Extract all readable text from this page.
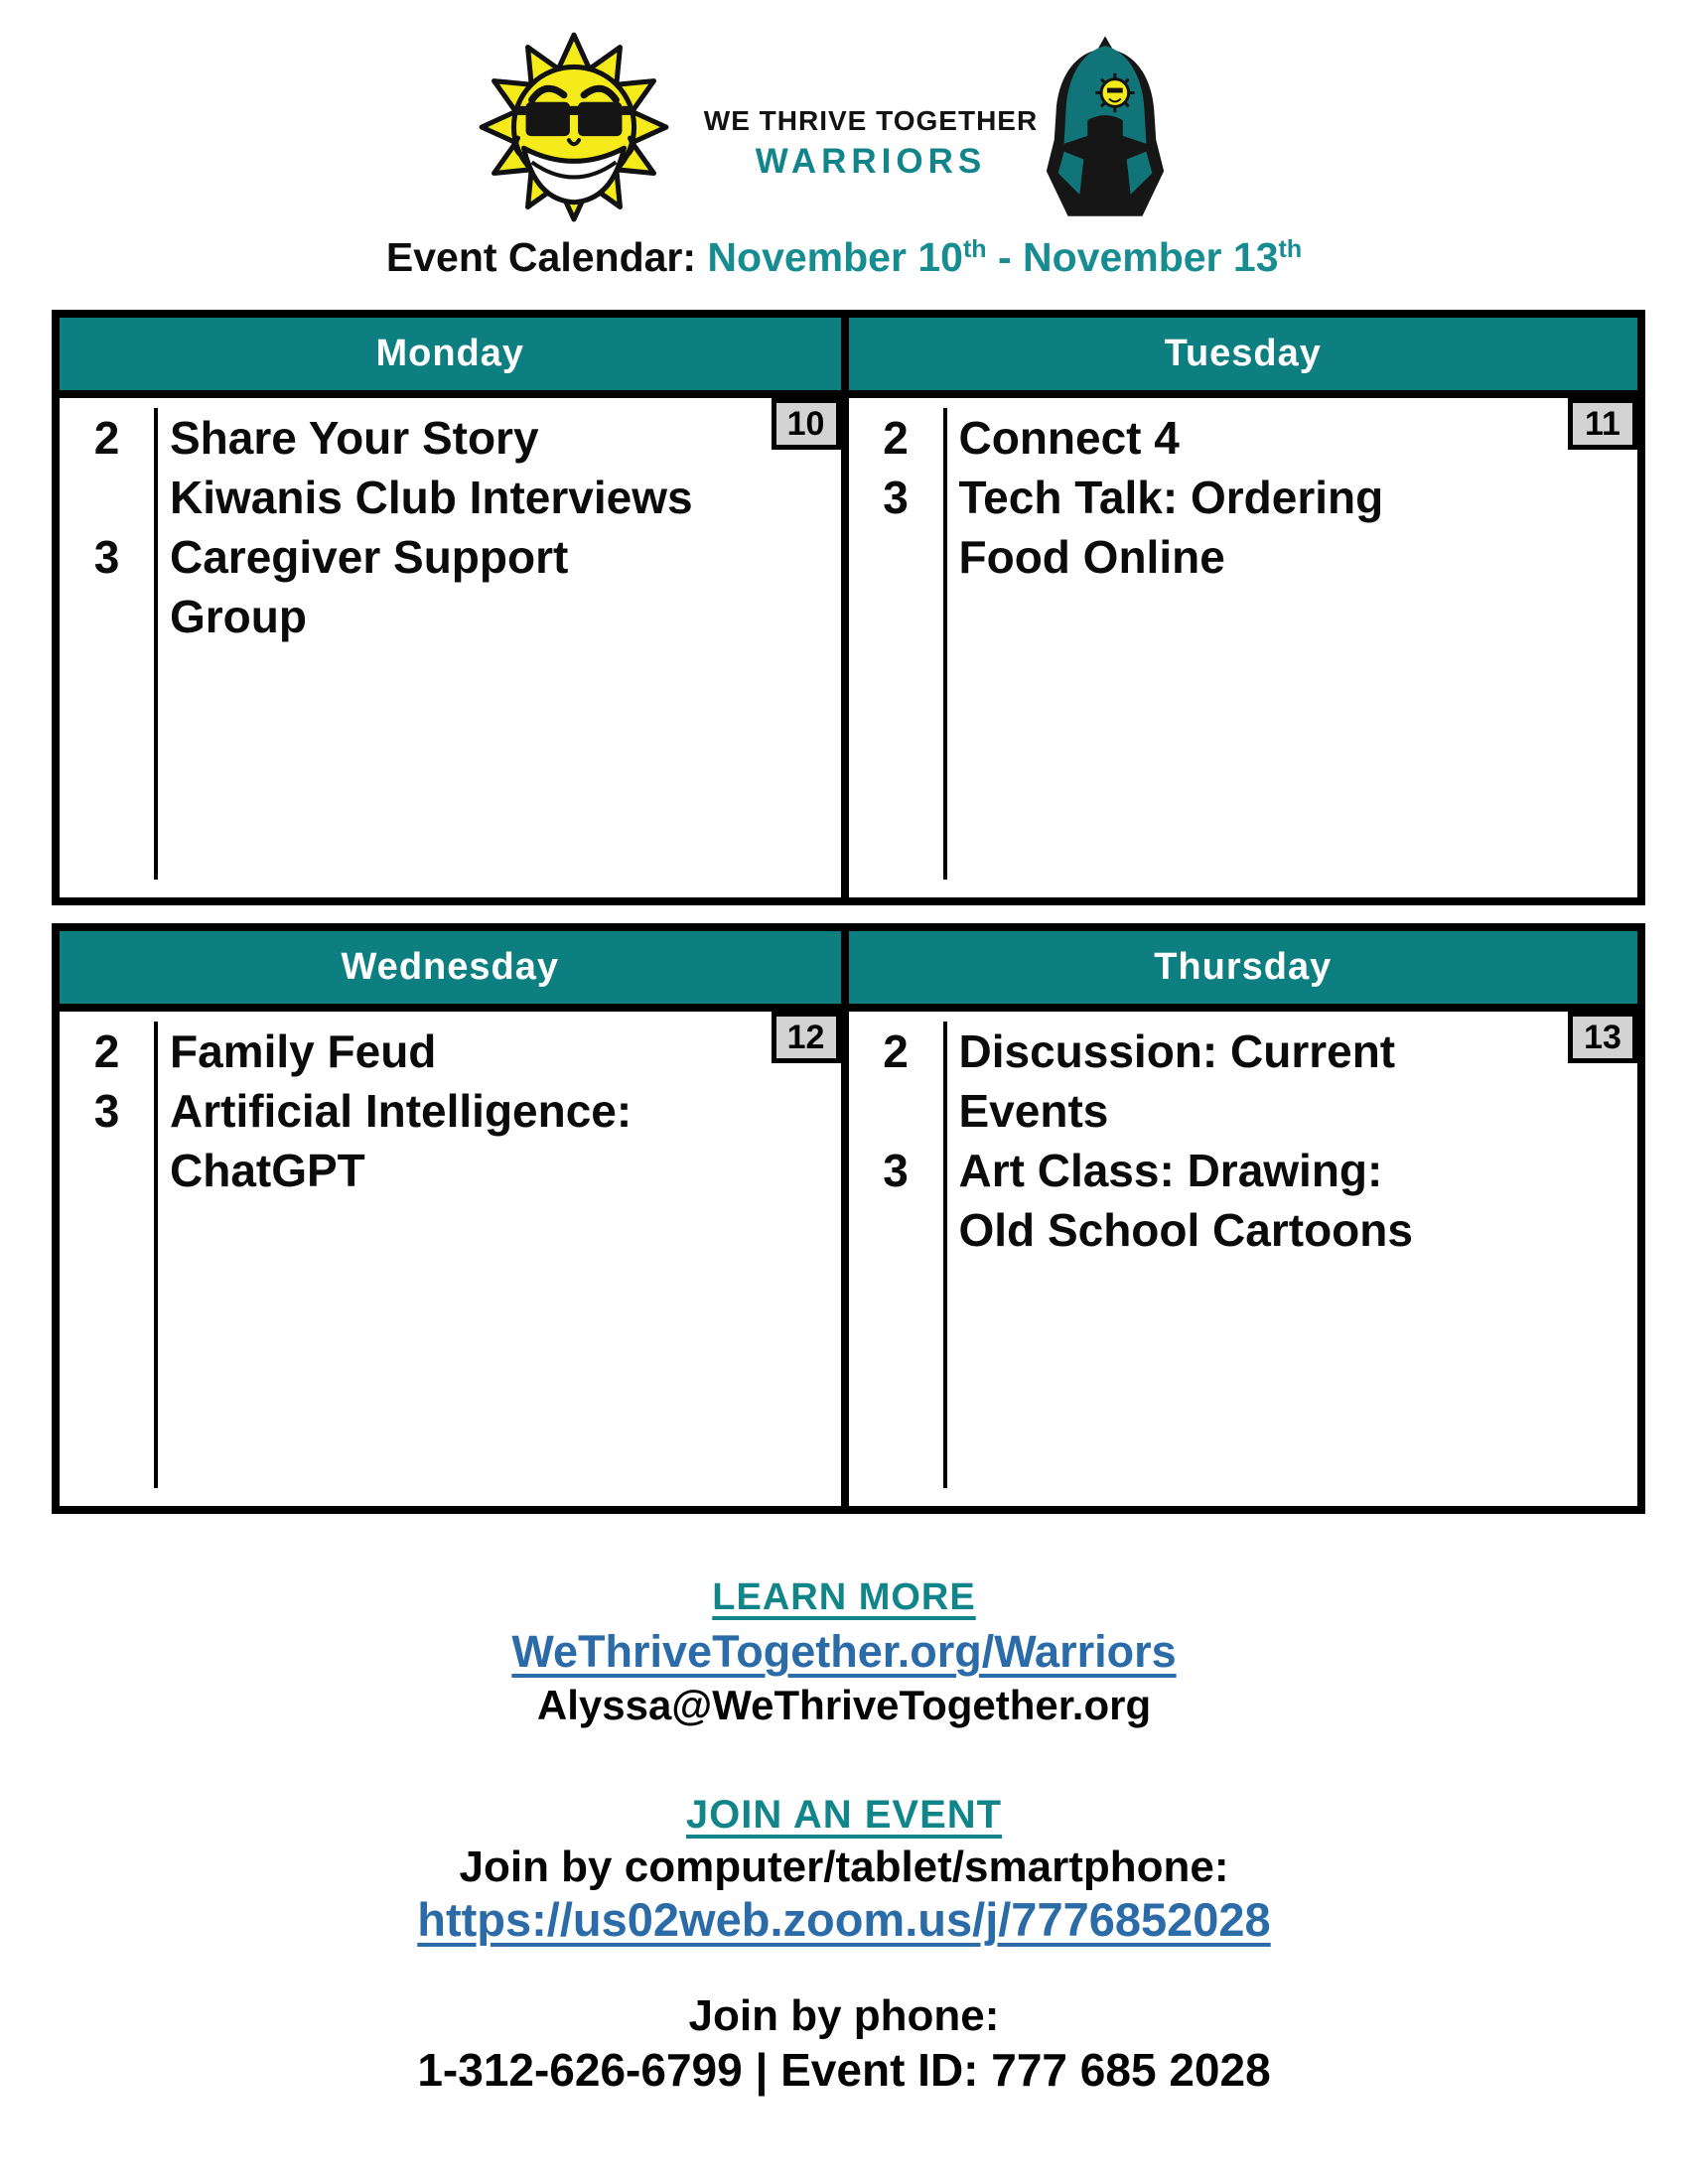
WE THRIVE TOGETHER
WARRIORS
Event Calendar: November 10th - November 13th
Monday
10
2	Share Your Story
Kiwanis Club Interviews
3	Caregiver Support
Group
Tuesday
11
2	Connect 4
3	Tech Talk: Ordering
Food Online
Wednesday
12
2	Family Feud
3	Artificial Intelligence:
ChatGPT
Thursday
13
2	Discussion: Current
Events
3	Art Class: Drawing:
Old School Cartoons
LEARN MORE
WeThriveTogether.org/Warriors
Alyssa@WeThriveTogether.org
JOIN AN EVENT
Join by computer/tablet/smartphone:
https://us02web.zoom.us/j/7776852028
Join by phone:
1-312-626-6799 | Event ID: 777 685 2028
